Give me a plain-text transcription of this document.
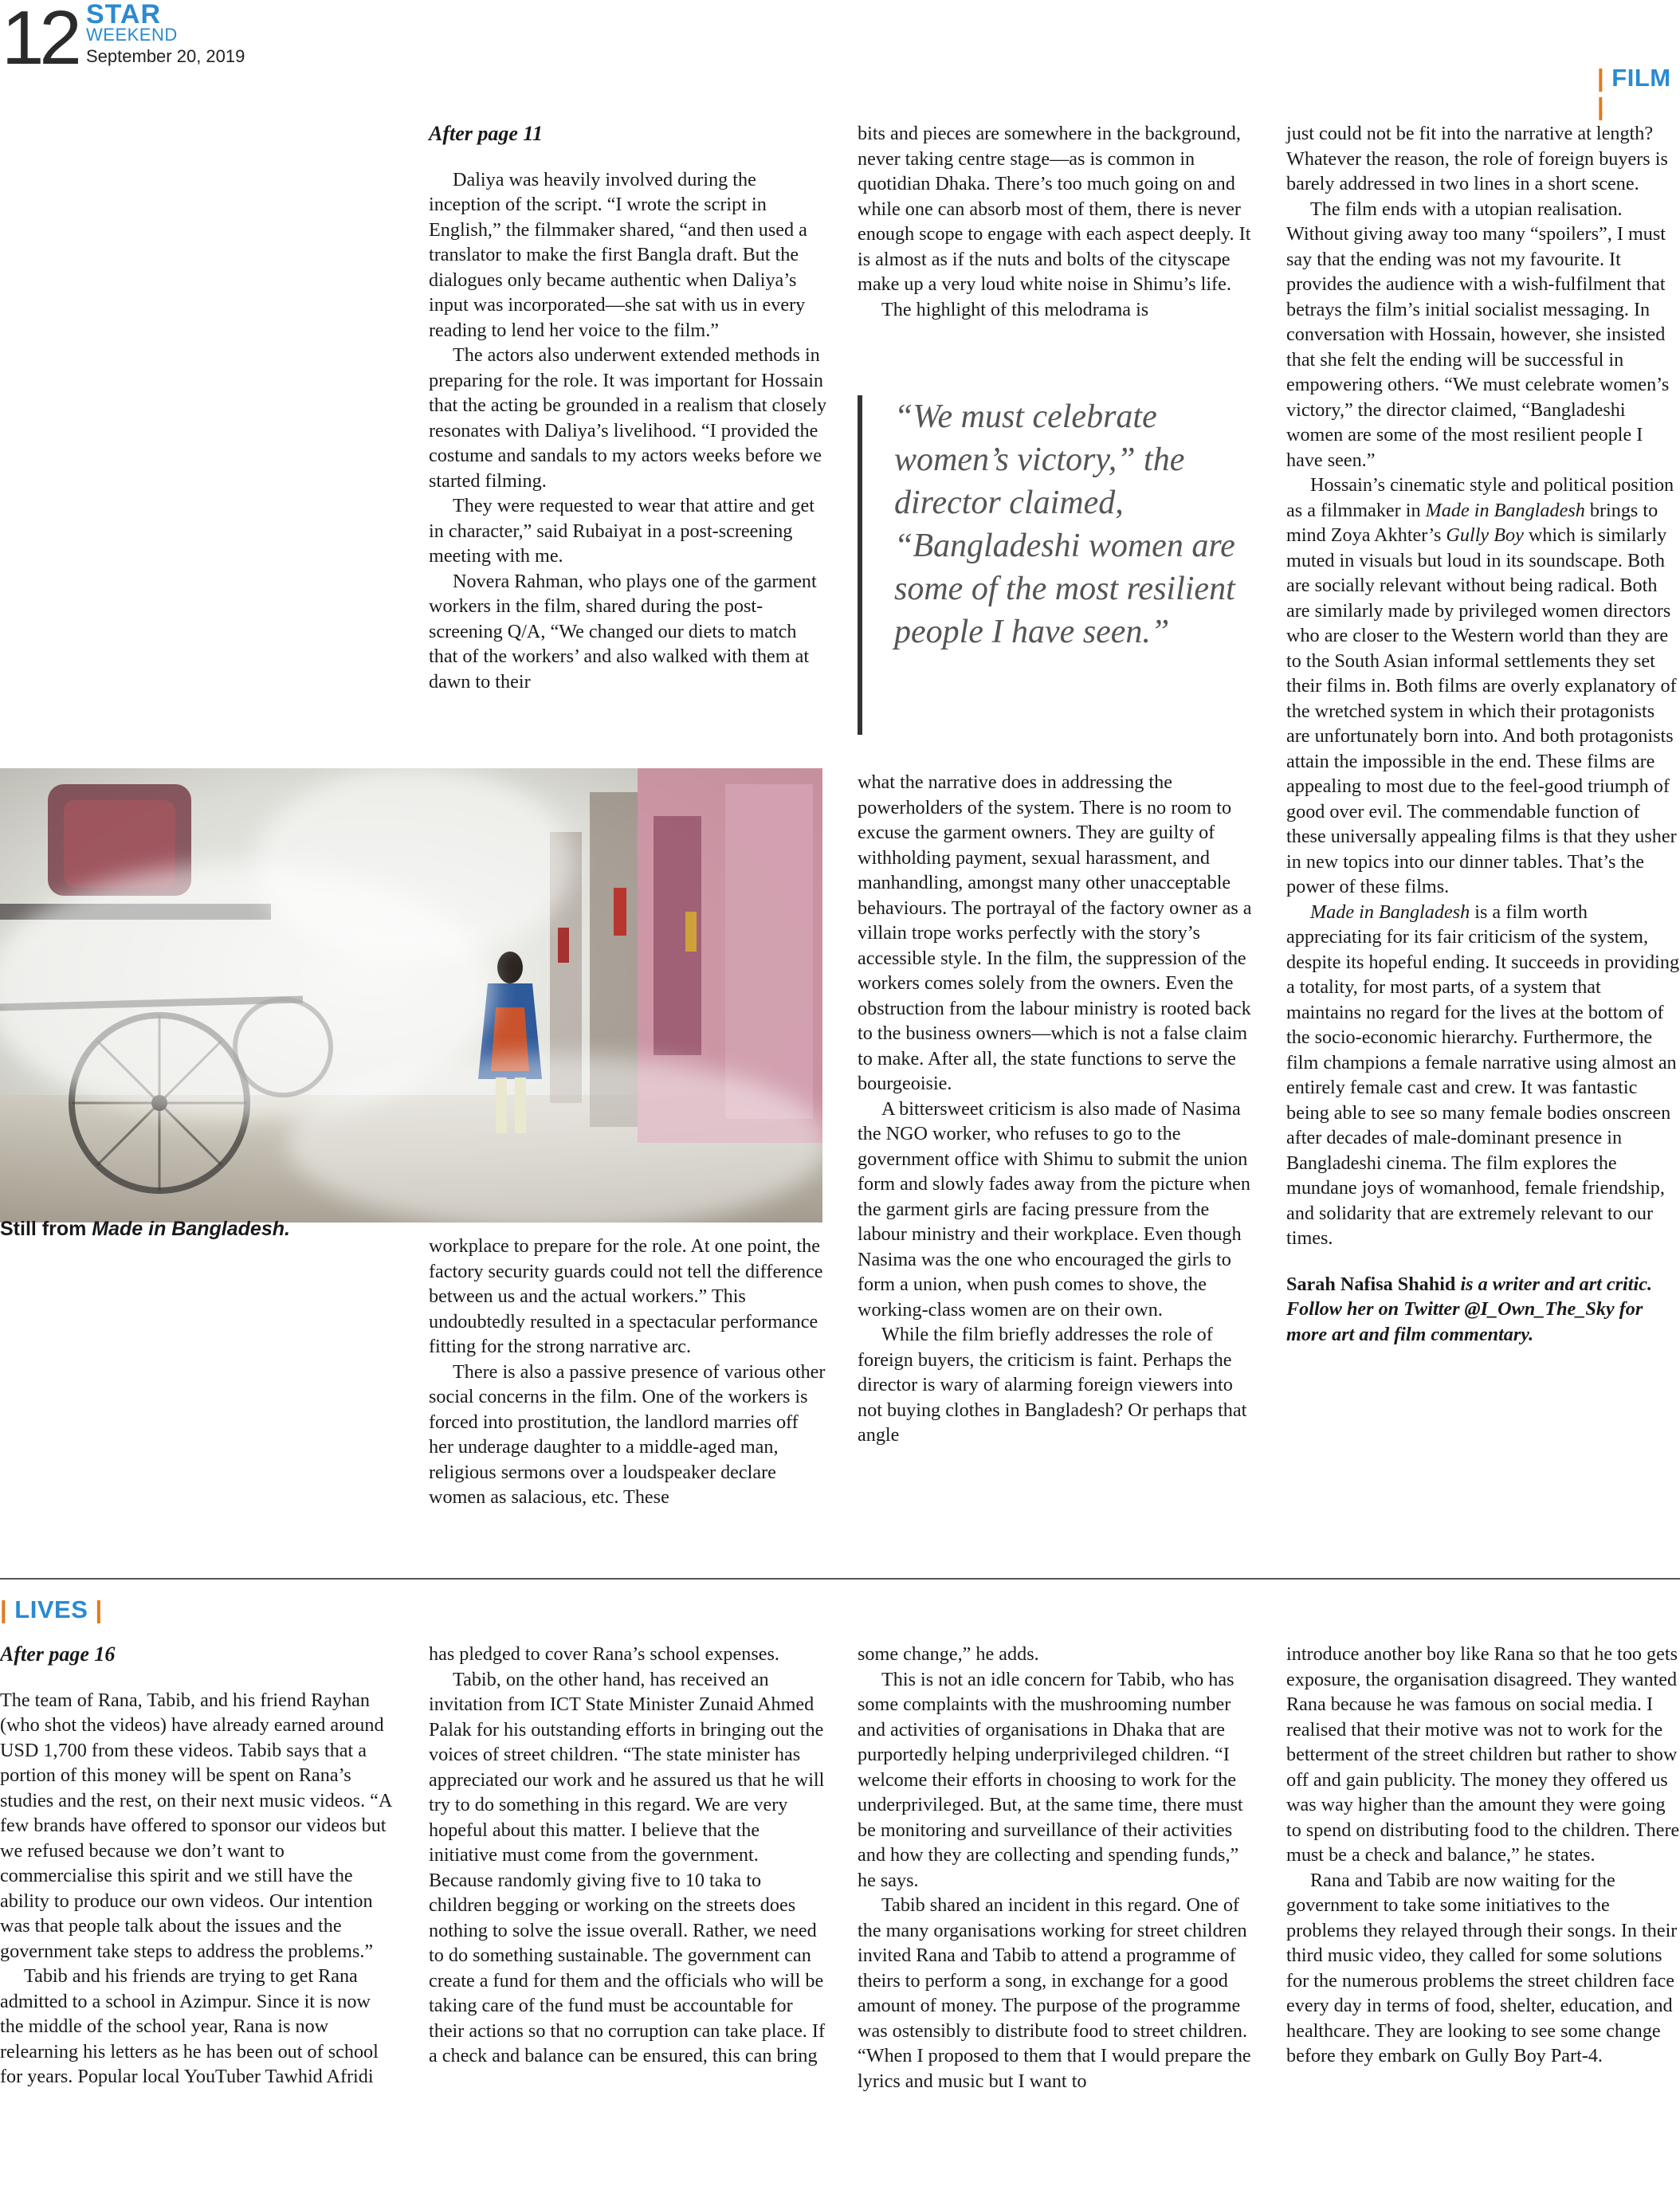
12 STAR
WEEKEND
September 20, 2019
| FILM |

After page 11

Daliya was heavily involved during the inception of the script. “I wrote the script in English,” the filmmaker shared, “and then used a translator to make the first Bangla draft. But the dialogues only became authentic when Daliya’s input was incorporated—she sat with us in every reading to lend her voice to the film.”

The actors also underwent extended methods in preparing for the role. It was important for Hossain that the acting be grounded in a realism that closely resonates with Daliya’s livelihood. “I provided the costume and sandals to my actors weeks before we started filming.

They were requested to wear that attire and get in character,” said Rubaiyat in a post-screening meeting with me.

Novera Rahman, who plays one of the garment workers in the film, shared during the post-screening Q/A, “We changed our diets to match that of the workers’ and also walked with them at dawn to their

Still from Made in Bangladesh.

workplace to prepare for the role. At one point, the factory security guards could not tell the difference between us and the actual workers.” This undoubtedly resulted in a spectacular performance fitting for the strong narrative arc.

There is also a passive presence of various other social concerns in the film. One of the workers is forced into prostitution, the landlord marries off her underage daughter to a middle-aged man, religious sermons over a loudspeaker declare women as salacious, etc. These

bits and pieces are somewhere in the background, never taking centre stage—as is common in quotidian Dhaka. There’s too much going on and while one can absorb most of them, there is never enough scope to engage with each aspect deeply. It is almost as if the nuts and bolts of the cityscape make up a very loud white noise in Shimu’s life.

The highlight of this melodrama is

“We must celebrate women’s victory,” the director claimed, “Bangladeshi women are some of the most resilient people I have seen.”

what the narrative does in addressing the powerholders of the system. There is no room to excuse the garment owners. They are guilty of withholding payment, sexual harassment, and manhandling, amongst many other unacceptable behaviours. The portrayal of the factory owner as a villain trope works perfectly with the story’s accessible style. In the film, the suppression of the workers comes solely from the owners. Even the obstruction from the labour ministry is rooted back to the business owners—which is not a false claim to make. After all, the state functions to serve the bourgeoisie.

A bittersweet criticism is also made of Nasima the NGO worker, who refuses to go to the government office with Shimu to submit the union form and slowly fades away from the picture when the garment girls are facing pressure from the labour ministry and their workplace. Even though Nasima was the one who encouraged the girls to form a union, when push comes to shove, the working-class women are on their own.

While the film briefly addresses the role of foreign buyers, the criticism is faint. Perhaps the director is wary of alarming foreign viewers into not buying clothes in Bangladesh? Or perhaps that angle

just could not be fit into the narrative at length? Whatever the reason, the role of foreign buyers is barely addressed in two lines in a short scene.

The film ends with a utopian realisation. Without giving away too many “spoilers”, I must say that the ending was not my favourite. It provides the audience with a wish-fulfilment that betrays the film’s initial socialist messaging. In conversation with Hossain, however, she insisted that she felt the ending will be successful in empowering others. “We must celebrate women’s victory,” the director claimed, “Bangladeshi women are some of the most resilient people I have seen.”

Hossain’s cinematic style and political position as a filmmaker in Made in Bangladesh brings to mind Zoya Akhter’s Gully Boy which is similarly muted in visuals but loud in its soundscape. Both are socially relevant without being radical. Both are similarly made by privileged women directors who are closer to the Western world than they are to the South Asian informal settlements they set their films in. Both films are overly explanatory of the wretched system in which their protagonists are unfortunately born into. And both protagonists attain the impossible in the end. These films are appealing to most due to the feel-good triumph of good over evil. The commendable function of these universally appealing films is that they usher in new topics into our dinner tables. That’s the power of these films.

Made in Bangladesh is a film worth appreciating for its fair criticism of the system, despite its hopeful ending. It succeeds in providing a totality, for most parts, of a system that maintains no regard for the lives at the bottom of the socio-economic hierarchy. Furthermore, the film champions a female narrative using almost an entirely female cast and crew. It was fantastic being able to see so many female bodies onscreen after decades of male-dominant presence in Bangladeshi cinema. The film explores the mundane joys of womanhood, female friendship, and solidarity that are extremely relevant to our times.

Sarah Nafisa Shahid is a writer and art critic. Follow her on Twitter @I_Own_The_Sky for more art and film commentary.

| LIVES |

After page 16

The team of Rana, Tabib, and his friend Rayhan (who shot the videos) have already earned around USD 1,700 from these videos. Tabib says that a portion of this money will be spent on Rana’s studies and the rest, on their next music videos. “A few brands have offered to sponsor our videos but we refused because we don’t want to commercialise this spirit and we still have the ability to produce our own videos. Our intention was that people talk about the issues and the government take steps to address the problems.”

Tabib and his friends are trying to get Rana admitted to a school in Azimpur. Since it is now the middle of the school year, Rana is now relearning his letters as he has been out of school for years. Popular local YouTuber Tawhid Afridi

has pledged to cover Rana’s school expenses.

Tabib, on the other hand, has received an invitation from ICT State Minister Zunaid Ahmed Palak for his outstanding efforts in bringing out the voices of street children. “The state minister has appreciated our work and he assured us that he will try to do something in this regard. We are very hopeful about this matter. I believe that the initiative must come from the government. Because randomly giving five to 10 taka to children begging or working on the streets does nothing to solve the issue overall. Rather, we need to do something sustainable. The government can create a fund for them and the officials who will be taking care of the fund must be accountable for their actions so that no corruption can take place. If a check and balance can be ensured, this can bring

some change,” he adds.

This is not an idle concern for Tabib, who has some complaints with the mushrooming number and activities of organisations in Dhaka that are purportedly helping underprivileged children. “I welcome their efforts in choosing to work for the underprivileged. But, at the same time, there must be monitoring and surveillance of their activities and how they are collecting and spending funds,” he says.

Tabib shared an incident in this regard. One of the many organisations working for street children invited Rana and Tabib to attend a programme of theirs to perform a song, in exchange for a good amount of money. The purpose of the programme was ostensibly to distribute food to street children. “When I proposed to them that I would prepare the lyrics and music but I want to

introduce another boy like Rana so that he too gets exposure, the organisation disagreed. They wanted Rana because he was famous on social media. I realised that their motive was not to work for the betterment of the street children but rather to show off and gain publicity. The money they offered us was way higher than the amount they were going to spend on distributing food to the children. There must be a check and balance,” he states.

Rana and Tabib are now waiting for the government to take some initiatives to the problems they relayed through their songs. In their third music video, they called for some solutions for the numerous problems the street children face every day in terms of food, shelter, education, and healthcare. They are looking to see some change before they embark on Gully Boy Part-4.
